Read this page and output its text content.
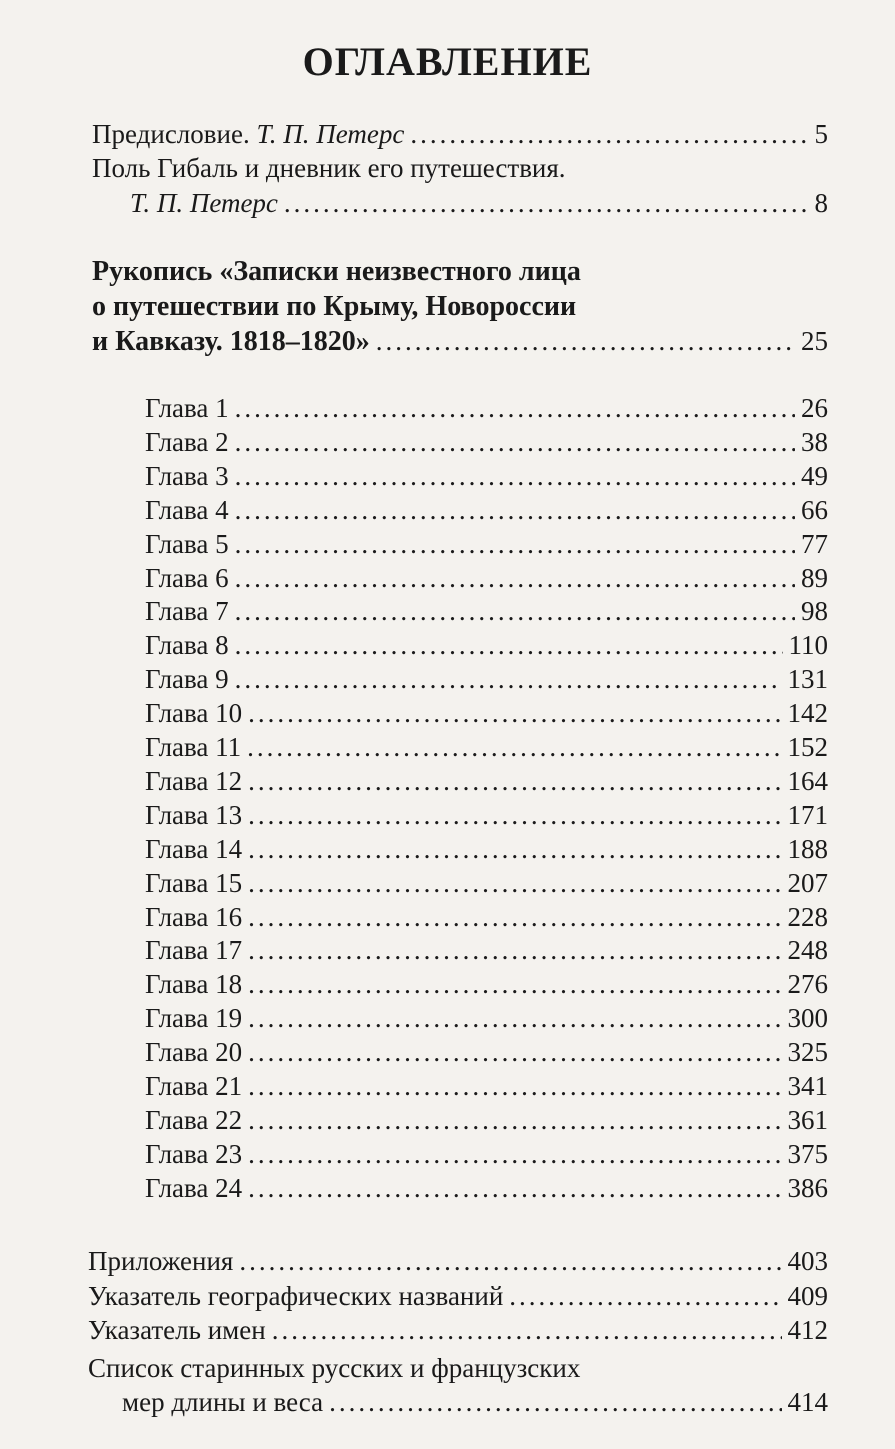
ОГЛАВЛЕНИЕ
Предисловие. Т. П. Петерс .....	5
Поль Гибаль и дневник его путешествия.
Т. П. Петерс .....	8
Рукопись «Записки неизвестного лица
о путешествии по Крыму, Новороссии
и Кавказу. 1818–1820» .....	25
Глава 1 .....	26
Глава 2 .....	38
Глава 3 .....	49
Глава 4 .....	66
Глава 5 .....	77
Глава 6 .....	89
Глава 7 .....	98
Глава 8 .....	110
Глава 9 .....	131
Глава 10 .....	142
Глава 11 .....	152
Глава 12 .....	164
Глава 13 .....	171
Глава 14 .....	188
Глава 15 .....	207
Глава 16 .....	228
Глава 17 .....	248
Глава 18 .....	276
Глава 19 .....	300
Глава 20 .....	325
Глава 21 .....	341
Глава 22 .....	361
Глава 23 .....	375
Глава 24 .....	386
Приложения .....	403
Указатель географических названий .....	409
Указатель имен .....	412
Список старинных русских и французских
мер длины и веса .....	414
